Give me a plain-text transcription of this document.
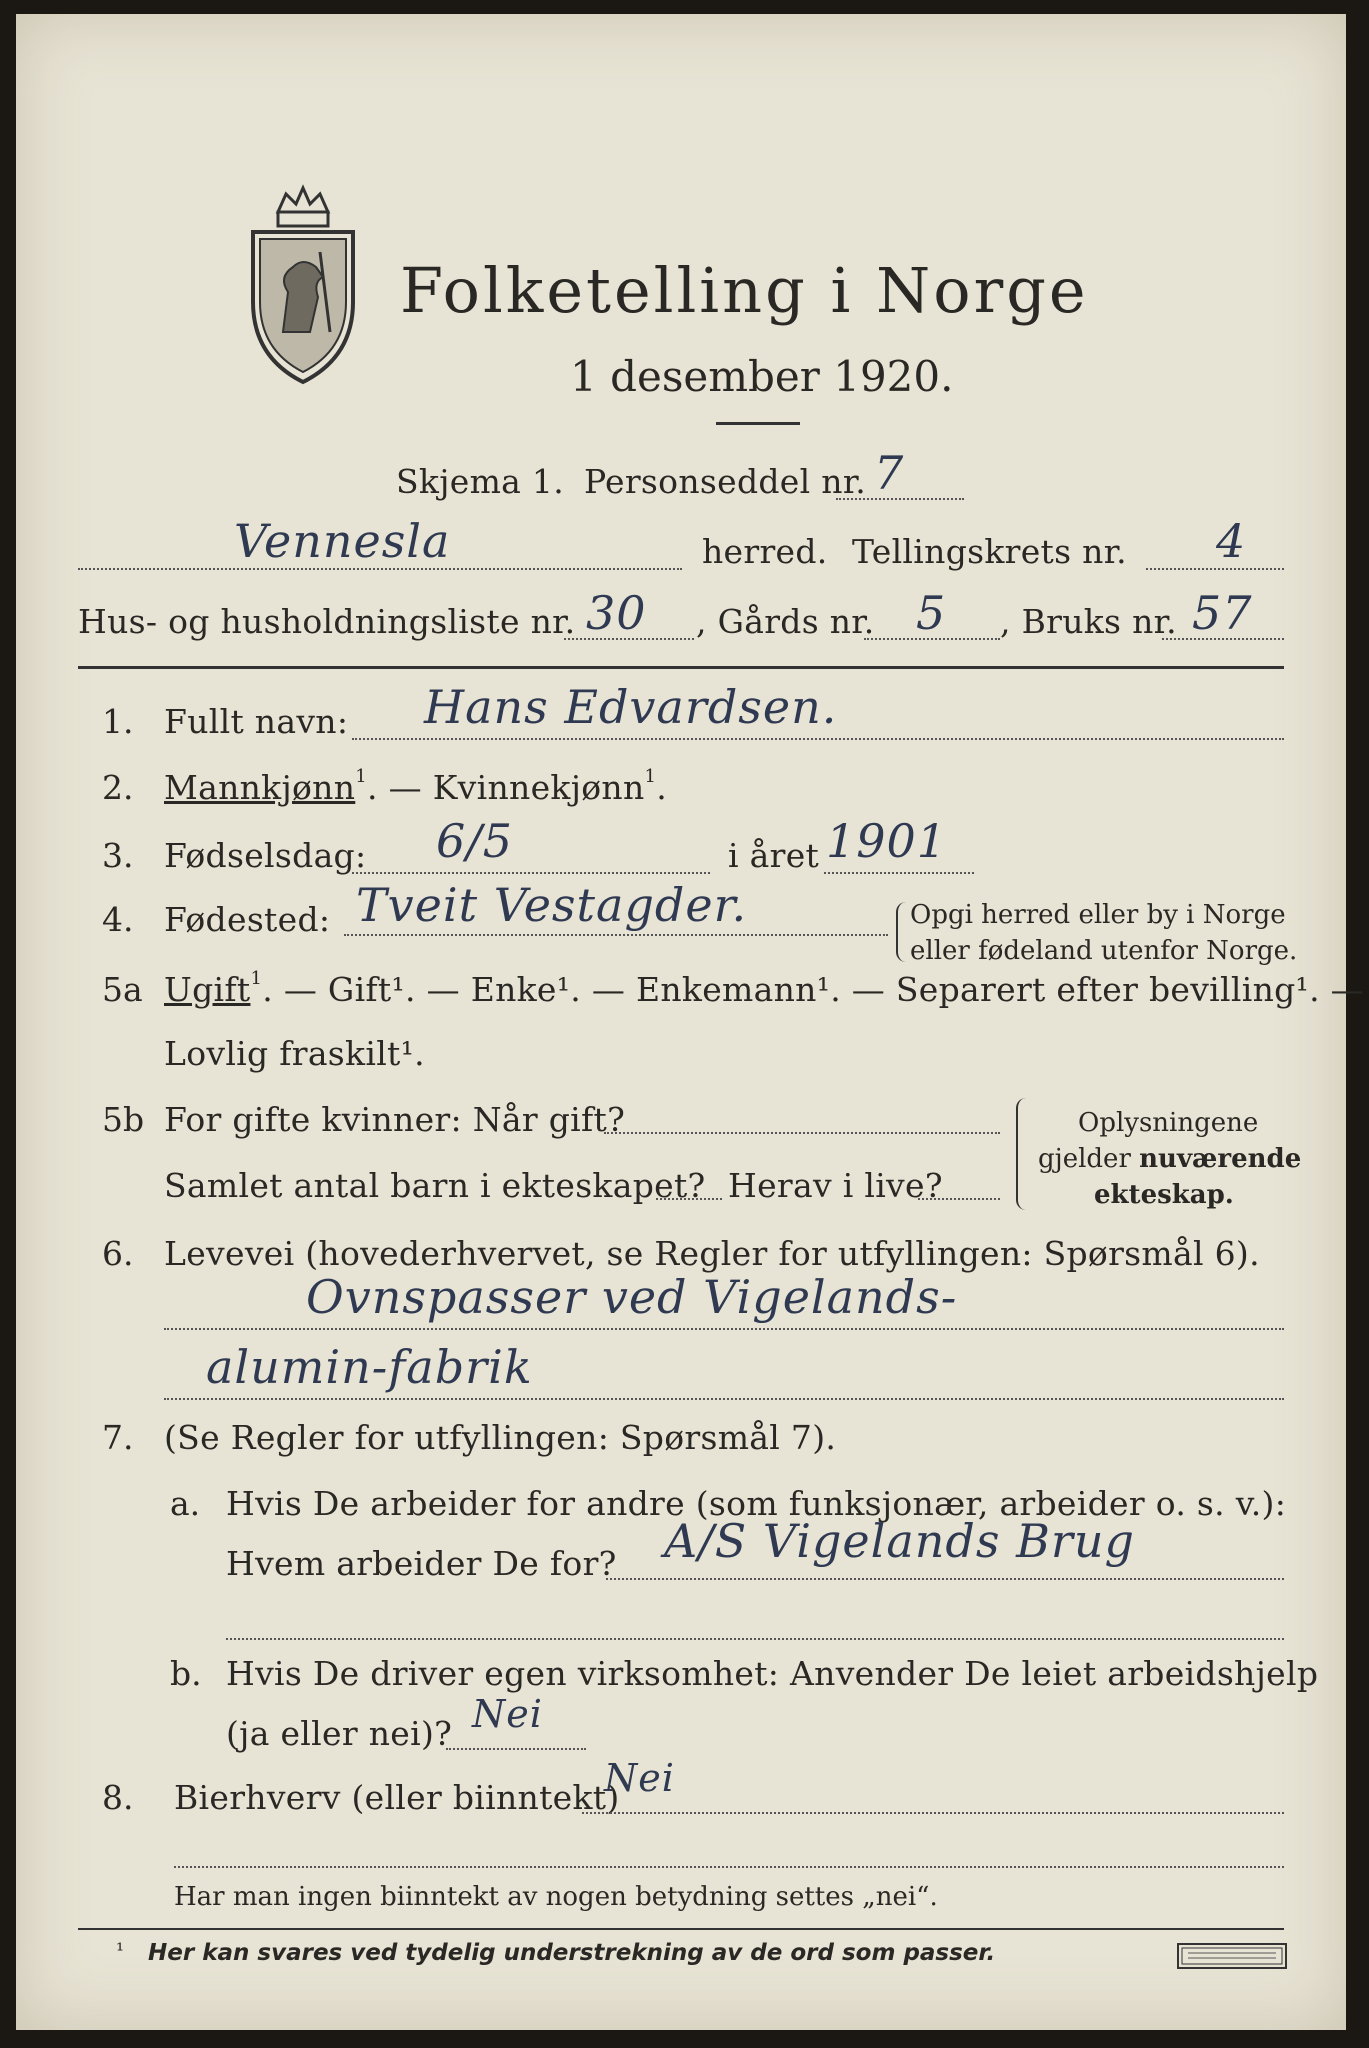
Folketelling i Norge
1 desember 1920.
Skjema 1. Personseddel nr. 7
Vennesla	herred. Tellingskrets nr. 4
Hus- og husholdningsliste nr. 30 , Gårds nr. 5 , Bruks nr. 57
1. Fullt navn: Hans Edvardsen.
2. Mannkjønn$^1$. — Kvinnekjønn$^1$.
3. Fødselsdag: 6/5	i året 1901
4. Fødested: Tveit Vestagder.	Opgi herred eller by i Norge
eller fødeland utenfor Norge.
5a Ugift$^1$. — Gift¹. — Enke¹. — Enkemann¹. — Separert efter bevilling¹. —
Lovlig fraskilt¹.
5b For gifte kvinner: Når gift?
Samlet antal barn i ekteskapet? Herav i live?
Oplysningene
gjelder nuværende
ekteskap.
6. Levevei (hovederhvervet, se Regler for utfyllingen: Spørsmål 6).
Ovnspasser ved Vigelands-
alumin-fabrik
7. (Se Regler for utfyllingen: Spørsmål 7).
a. Hvis De arbeider for andre (som funksjonær, arbeider o. s. v.):
Hvem arbeider De for? A/S Vigelands Brug
b. Hvis De driver egen virksomhet: Anvender De leiet arbeidshjelp
(ja eller nei)? Nei
8. Bierhverv (eller biinntekt)
Nei
Har man ingen biinntekt av nogen betydning settes „nei“.
¹ Her kan svares ved tydelig understrekning av de ord som passer.
